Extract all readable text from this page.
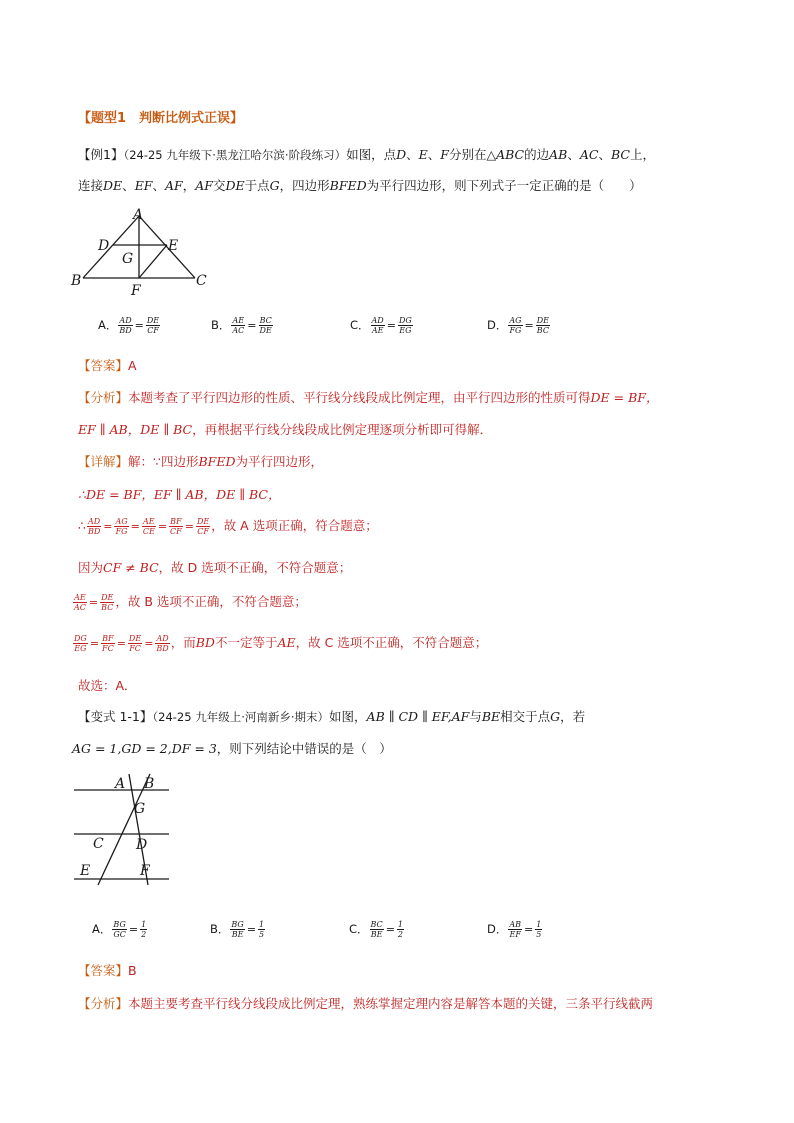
【题型1　判断比例式正误】
【例1】（24-25 九年级下·黑龙江哈尔滨·阶段练习）如图，点D、E、F分别在△ABC的边AB、AC、BC上，
连接DE、EF、AF，AF交DE于点G，四边形BFED为平行四边形，则下列式子一定正确的是（　　）
A
D	E
G
B
F
C
A． $\frac{AD}{BD} = \frac{DE}{CF}$	B． $\frac{AE}{AC} = \frac{BC}{DE}$	C． $\frac{AD}{AE} = \frac{DG}{EG}$	D． $\frac{AG}{FG} = \frac{DE}{BC}$
【答案】A
【分析】本题考查了平行四边形的性质、平行线分线段成比例定理，由平行四边形的性质可得DE = BF，
EF ∥ AB，DE ∥ BC，再根据平行线分线段成比例定理逐项分析即可得解．
【详解】解：∵四边形BFED为平行四边形，
∴DE = BF，EF ∥ AB，DE ∥ BC，
∴ $\frac{AD}{BD} = \frac{AG}{FG} = \frac{AE}{CE} = \frac{BF}{CF} = \frac{DE}{CF}$ ，故 A 选项正确，符合题意；
因为CF ≠ BC，故 D 选项不正确，不符合题意；
$\frac{AE}{AC} = \frac{DE}{BC}$ ，故 B 选项不正确，不符合题意；
$\frac{DG}{EG} = \frac{BF}{FC} = \frac{DE}{FC} = \frac{AD}{BD}$ ，而BD不一定等于AE，故 C 选项不正确，不符合题意；
故选：A．
【变式 1-1】（24-25 九年级上·河南新乡·期末）如图，AB ∥ CD ∥ EF,AF与BE相交于点G，若
AG = 1,GD = 2,DF = 3，则下列结论中错误的是（　）
A B
G
C D
E	F
A． $\frac{BG}{GC} = \frac{1}{2}$	B． $\frac{BG}{BE} = \frac{1}{5}$	C． $\frac{BC}{BE} = \frac{1}{2}$	D． $\frac{AB}{EF} = \frac{1}{5}$
【答案】B
【分析】本题主要考查平行线分线段成比例定理，熟练掌握定理内容是解答本题的关键，三条平行线截两
